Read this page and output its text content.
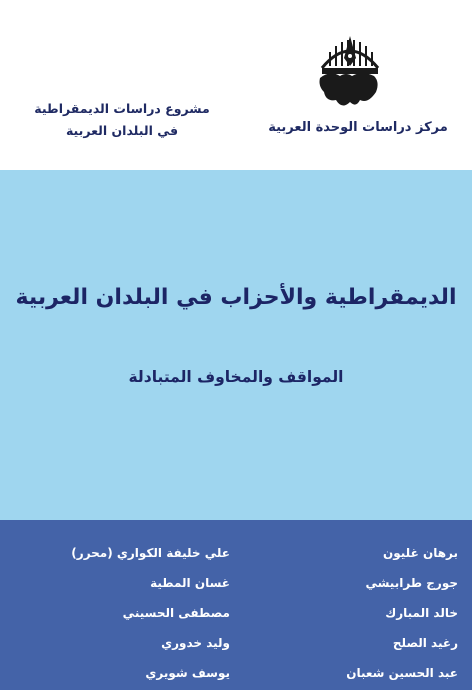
مركز دراسات الوحدة العربية
مشروع دراسات الديمقراطية
في البلدان العربية
الديمقراطية والأحزاب في البلدان العربية
المواقف والمخاوف المتبادلة
برهان غليون
جورج طرابيشي
خالد المبارك
رغيد الصلح
عبد الحسين شعبان
علي خليفة الكواري (محرر)
غسان المطية
مصطفى الحسيني
وليد خدوري
يوسف شويري
